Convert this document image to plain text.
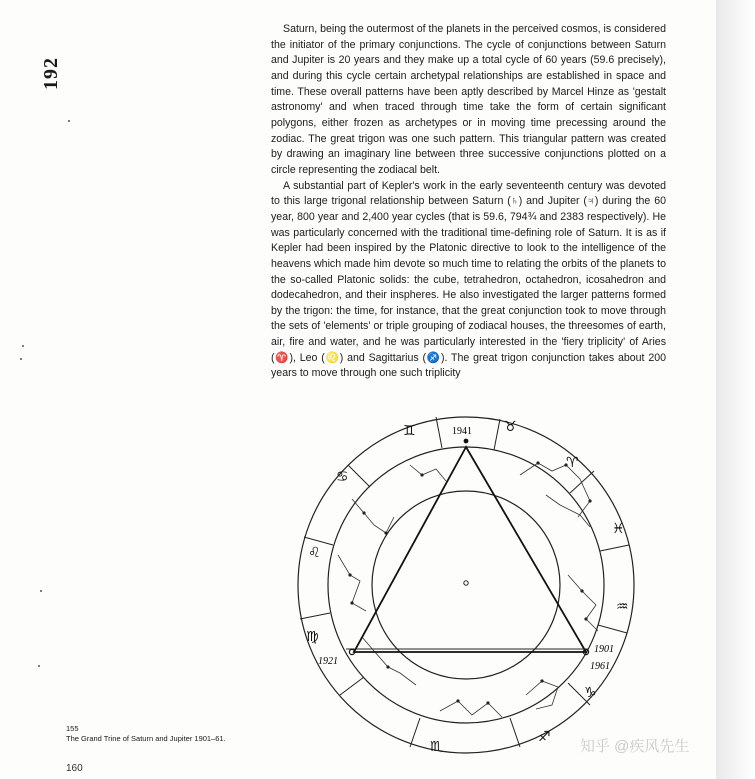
192

Saturn, being the outermost of the planets in the perceived cosmos, is considered the initiator of the primary conjunctions. The cycle of conjunctions between Saturn and Jupiter is 20 years and they make up a total cycle of 60 years (59.6 precisely), and during this cycle certain archetypal relationships are established in space and time. These overall patterns have been aptly described by Marcel Hinze as 'gestalt astronomy' and when traced through time take the form of certain significant polygons, either frozen as archetypes or in moving time precessing around the zodiac. The great trigon was one such pattern. This triangular pattern was created by drawing an imaginary line between three successive conjunctions plotted on a circle representing the zodiacal belt.

A substantial part of Kepler's work in the early seventeenth century was devoted to this large trigonal relationship between Saturn (♄) and Jupiter (♃) during the 60 year, 800 year and 2,400 year cycles (that is 59.6, 794¾ and 2383 respectively). He was particularly concerned with the traditional time-defining role of Saturn. It is as if Kepler had been inspired by the Platonic directive to look to the intelligence of the heavens which made him devote so much time to relating the orbits of the planets to the so-called Platonic solids: the cube, tetrahedron, octahedron, icosahedron and dodecahedron, and their inspheres. He also investigated the larger patterns formed by the trigon: the time, for instance, that the great conjunction took to move through the sets of 'elements' or triple grouping of zodiacal houses, the threesomes of earth, air, fire and water, and he was particularly interested in the 'fiery triplicity' of Aries (♈), Leo (♌) and Sagittarius (♐). The great trigon conjunction takes about 200 years to move through one such triplicity

1941
1921
1901
1961
♊	♉
♈
♓
♒
♑
♐
♏
♍
♌
♋
155
The Grand Trine of Saturn and Jupiter 1901–61.
160
知乎 @疾风先生
